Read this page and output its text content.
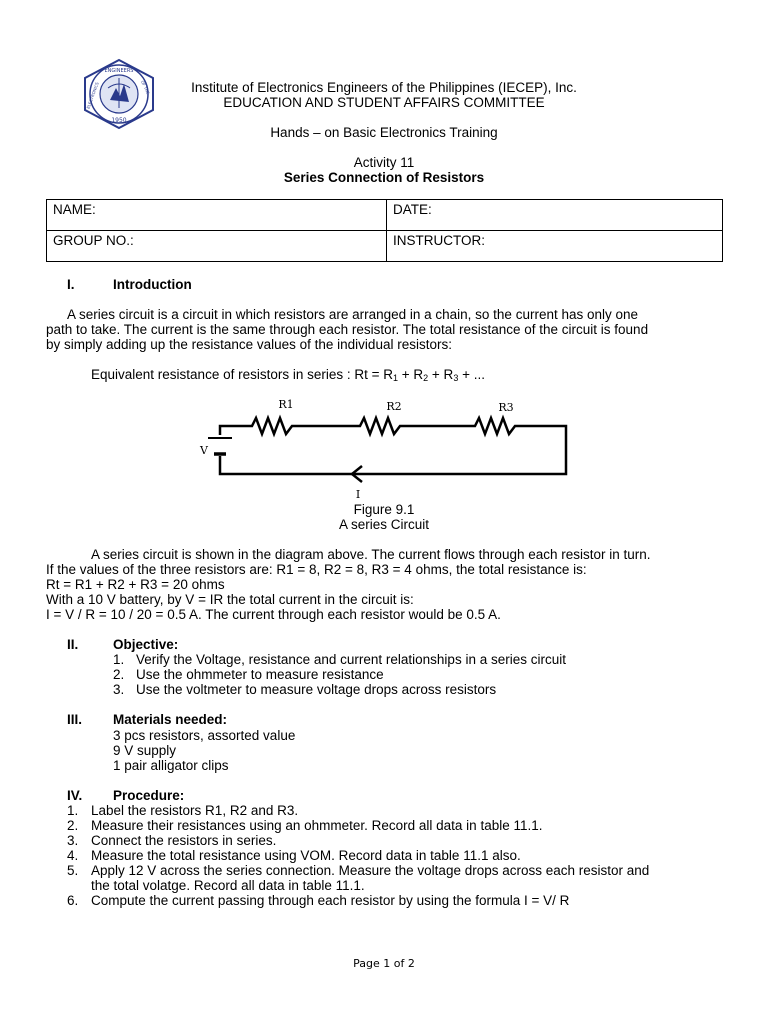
ENGINEERS
ELECTRONICS	OF THE
1950
Institute of Electronics Engineers of the Philippines (IECEP), Inc.
EDUCATION AND STUDENT AFFAIRS COMMITTEE
Hands – on Basic Electronics Training
Activity 11
Series Connection of Resistors
NAME:	DATE:
GROUP NO.:	INSTRUCTOR:
I.	Introduction
A series circuit is a circuit in which resistors are arranged in a chain, so the current has only one
path to take. The current is the same through each resistor. The total resistance of the circuit is found
by simply adding up the resistance values of the individual resistors:
Equivalent resistance of resistors in series : $Rt = R_1 + R_2 + R_3$ + ...
R1	R2	R3
V
I
Figure 9.1
A series Circuit
A series circuit is shown in the diagram above. The current flows through each resistor in turn.
If the values of the three resistors are: R1 = 8, R2 = 8, R3 = 4 ohms, the total resistance is:
Rt = R1 + R2 + R3 = 20 ohms
With a 10 V battery, by V = IR the total current in the circuit is:
I = V / R = 10 / 20 = 0.5 A. The current through each resistor would be 0.5 A.
II.	Objective:
1. Verify the Voltage, resistance and current relationships in a series circuit
2. Use the ohmmeter to measure resistance
3. Use the voltmeter to measure voltage drops across resistors
III. Materials needed:
3 pcs resistors, assorted value
9 V supply
1 pair alligator clips
IV. Procedure:
1. Label the resistors R1, R2 and R3.
2. Measure their resistances using an ohmmeter. Record all data in table 11.1.
3. Connect the resistors in series.
4. Measure the total resistance using VOM. Record data in table 11.1 also.
5. Apply 12 V across the series connection. Measure the voltage drops across each resistor and
the total volatge. Record all data in table 11.1.
6. Compute the current passing through each resistor by using the formula I = V/ R
Page 1 of 2
